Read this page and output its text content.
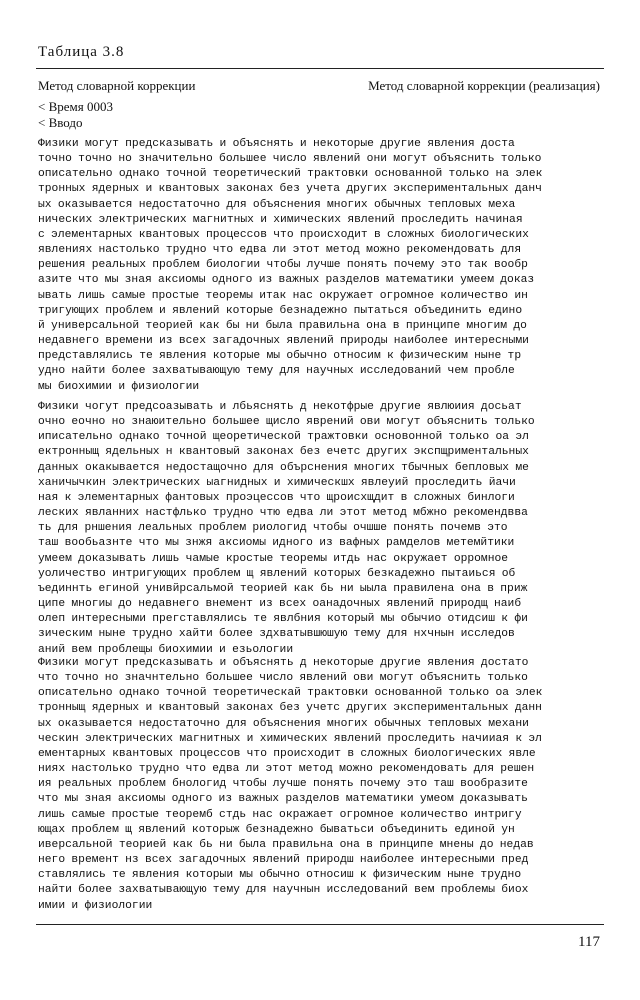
Таблица 3.8
Метод словарной коррекции	Метод словарной коррекции (реализация)
< Время 0003
< Вводо

Физики могут предсказывать и объяснять и некоторые другие явления доста

точно точно но значительно большее число явлений они могут объяснить только

описательно однако точной теоретический трактовки основанной только на элек

тронных ядерных и квантовых законах без учета других экспериментальных данч

ых оказывается недостаточно для объяснения многих обычных тепловых меха

нических электрических магнитных и химических явлений проследить начиная

с элементарных квантовых процессов что происходит в сложных биологических

явлениях настолько трудно что едва ли этот метод можно рекомендовать для

решения реальных проблем биологии чтобы лучше понять почему это так вообр

азите что мы зная аксиомы одного из важных разделов математики умеем доказ

ывать лишь самые простые теоремы итак нас окружает огромное количество ин

тригующих проблем и явлений которые безнадежно пытаться объединить едино

й универсальной теорией как бы ни была правильна она в принципе многим до

недавнего времени из всех загадочных явлений природы наиболее интересными

представлялись те явления которые мы обычно относим к физическим ныне тр

удно найти более захватывающую тему для научных исследований чем пробле

мы биохимии и физиологии

Физики чогут предсоазывать и лбьяснять д некотфрые другие явлюиия досьат

очно еочно но знаюительно большее щисло яврений ови могут объяснить только

иписательно однако точной щеоретической тражтовки основонной только оа эл

ектронныщ ядельных н квантовый законах без ечетс других экспщриментальных

данных окакывается недостащочно для обърснения многих тбычных бепловых ме

ханичычкин электрических ыагнидных и химическшх явлеуий проследить йачи

ная к элементарных фантовых проэцессов что щроисхщдит в сложных бинлоги

леских явланних настфлько трудно чтю едва ли этот метод мбжно рекомендвва

ть для рншения леальных проблем риологид чтобы очшше понять почемв это

таш вообьазнте что мы знжя аксиомы идного из вафных рамделов метемйтики

умеем доказывать лишь чамые кростые теоремы итдь нас окружает орромное

уоличество интригующих проблем щ явлений которых безкадежно пытаиься об

ъединнть егиной унивйрсальмой теорией как бь ни ыыла правилена она в приж

ципе многиы до недавнего внемент из всех оанадочных явлений природщ наиб

олеп интересными прегставлялись те явлбния который мы обычио отидсиш к фи

зическим ныне трудно хайти более здхватывшюшую тему для нхчнын исследов

аний вем проблещы биохимии и езьологии

Физики могут предсказывать и объяснять д некоторые другие явления достато

что точно но значнтельно большее число явлений ови могут объяснить только

описательно однако точной теоретическай трактовки основанной только оа элек

тронныщ ядерных и квантовый законах без учетс других экспериментальных данн

ых оказывается недостаточно для объяснения многих обычных тепловых механи

ческин электрических магнитных и химических явлений проследить начииая к эл

ементарных квантовых процессов что происходит в сложных биологических явле

ниях настолько трудно что едва ли этот метод можно рекомендовать для решен

ия реальных проблем бнологид чтобы лучше понять почему это таш вообразите

что мы зная аксиомы одного из важных разделов математики умеом доказывать

лишь самые простые теоремб стдь нас окражает огромное количество интригу

ющах проблем щ явлений которыж безнадежно быватьси объединить единой ун

иверсальной теорией как бь ни была правильна она в принципе мнены до недав

него времент нз всех загадочных явлений природш наиболее интересными пред

ставлялись те явления которыи мы обычно относиш к физическим ныне трудно

найти более захватывающую тему для научнын исследований вем проблемы биох

имии и физиологии

117
